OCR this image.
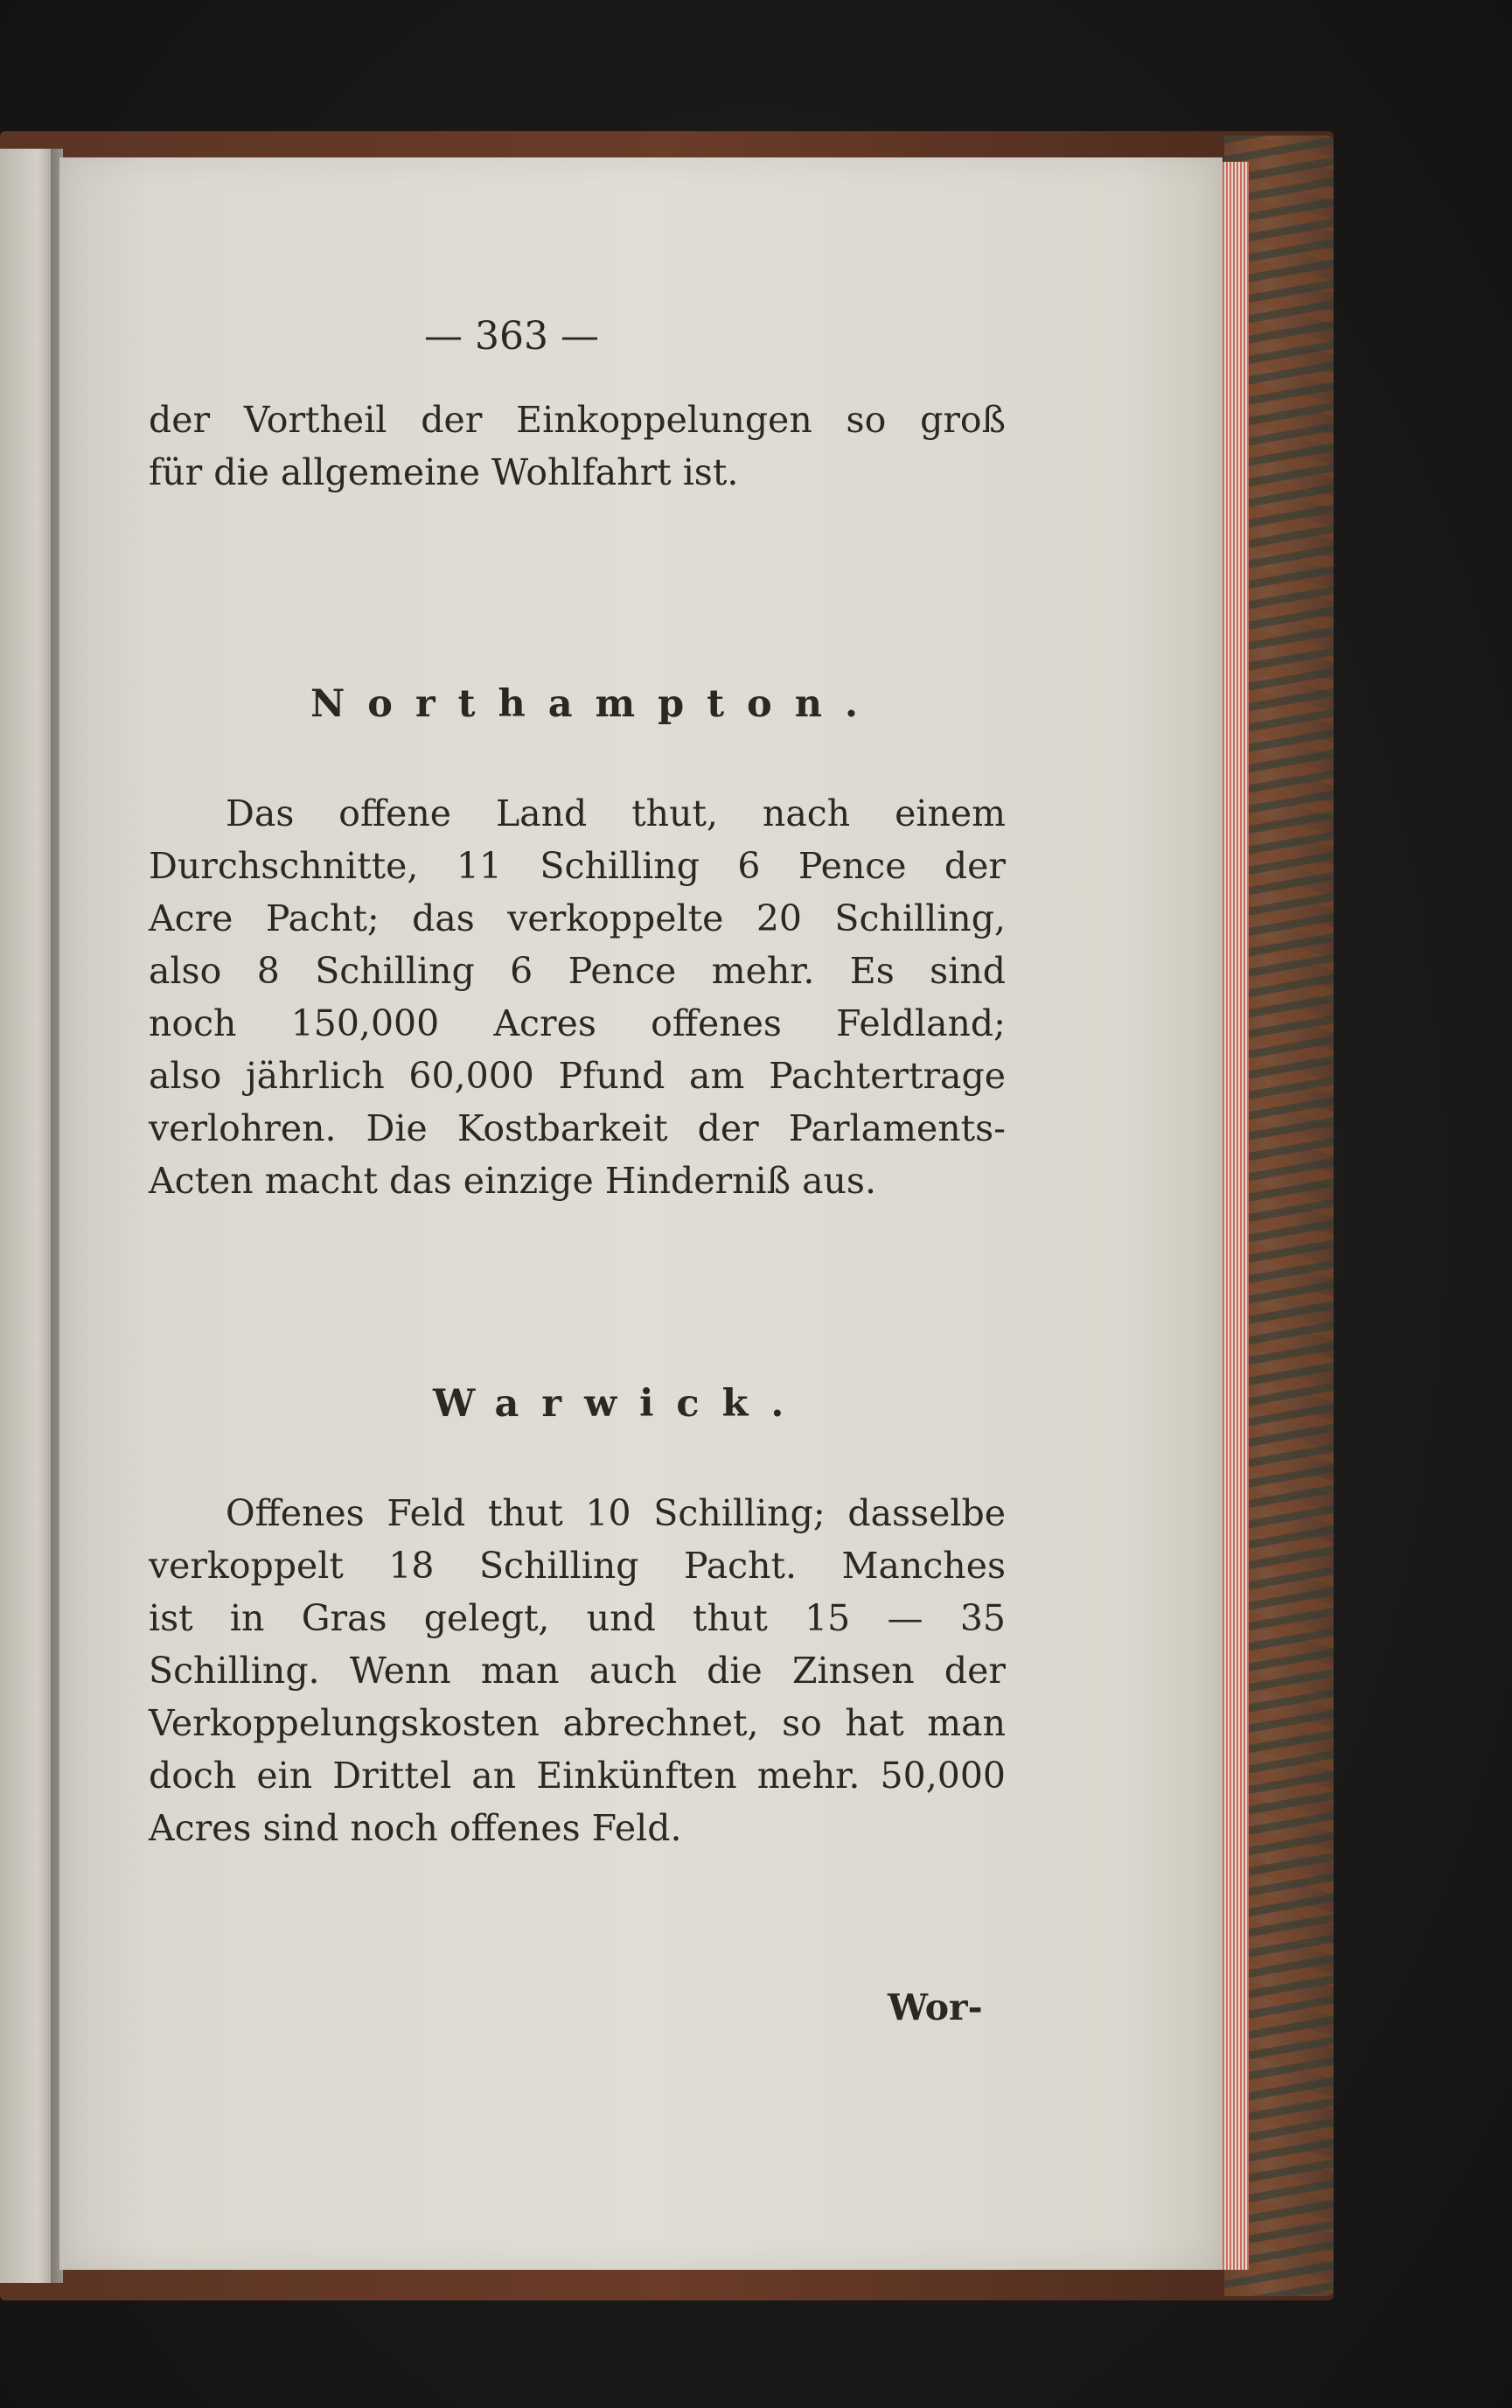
— 363 —
der Vortheil der Einkoppelungen so groß
für die allgemeine Wohlfahrt ist.
Northampton.
Das offene Land thut, nach einem
Durchschnitte, 11 Schilling 6 Pence der
Acre Pacht; das verkoppelte 20 Schilling,
also 8 Schilling 6 Pence mehr. Es sind
noch 150,000 Acres offenes Feldland;
also jährlich 60,000 Pfund am Pachtertrage
verlohren. Die Kostbarkeit der Parlaments-
Acten macht das einzige Hinderniß aus.
Warwick.
Offenes Feld thut 10 Schilling; dasselbe
verkoppelt 18 Schilling Pacht. Manches
ist in Gras gelegt, und thut 15 — 35
Schilling. Wenn man auch die Zinsen der
Verkoppelungskosten abrechnet, so hat man
doch ein Drittel an Einkünften mehr. 50,000
Acres sind noch offenes Feld.
Wor-
